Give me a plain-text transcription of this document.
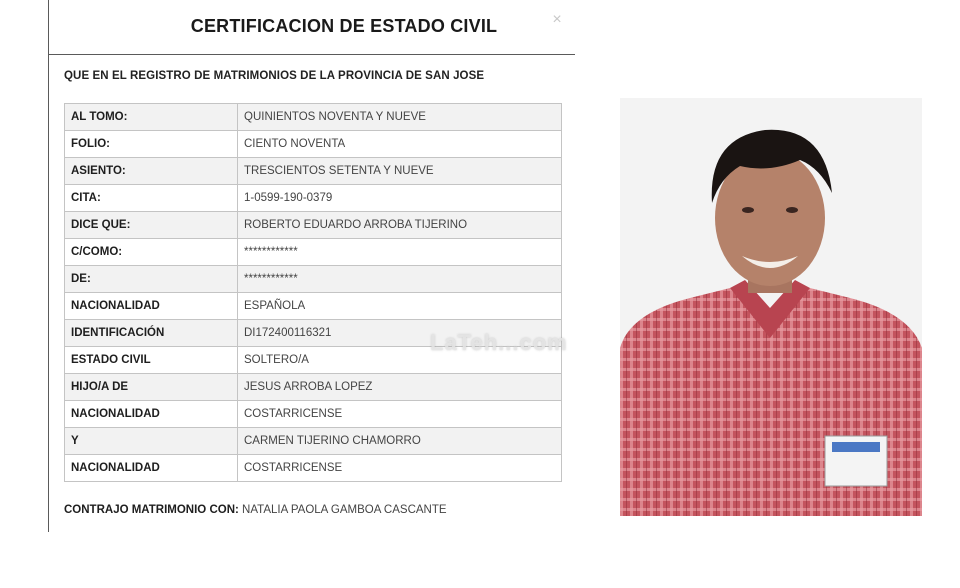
CERTIFICACION DE ESTADO CIVIL	×
QUE EN EL REGISTRO DE MATRIMONIOS DE LA PROVINCIA DE SAN JOSE
AL TOMO:	QUINIENTOS NOVENTA Y NUEVE
FOLIO:	CIENTO NOVENTA
ASIENTO:	TRESCIENTOS SETENTA Y NUEVE
CITA:	1-0599-190-0379
DICE QUE:	ROBERTO EDUARDO ARROBA TIJERINO
C/COMO:	************
DE:	************
NACIONALIDAD	ESPAÑOLA
IDENTIFICACIÓN	DI172400116321
ESTADO CIVIL	SOLTERO/A
HIJO/A DE	JESUS ARROBA LOPEZ
NACIONALIDAD	COSTARRICENSE
Y	CARMEN TIJERINO CHAMORRO
NACIONALIDAD	COSTARRICENSE
CONTRAJO MATRIMONIO CON: NATALIA PAOLA GAMBOA CASCANTE
LaTeh...com
